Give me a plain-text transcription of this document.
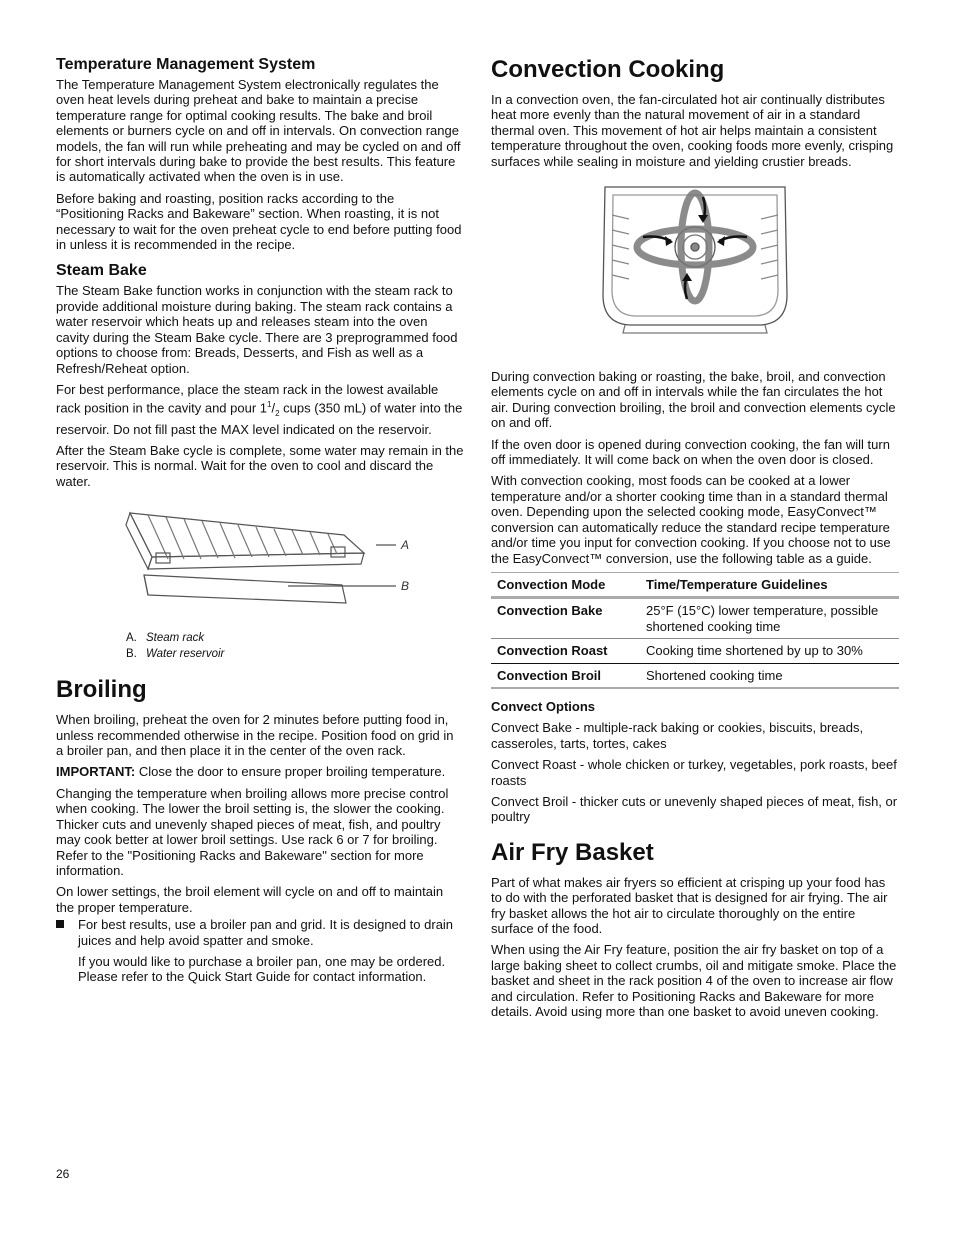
Temperature Management System

The Temperature Management System electronically regulates the oven heat levels during preheat and bake to maintain a precise temperature range for optimal cooking results. The bake and broil elements or burners cycle on and off in intervals. On convection range models, the fan will run while preheating and may be cycled on and off for short intervals during bake to provide the best results. This feature is automatically activated when the oven is in use.

Before baking and roasting, position racks according to the “Positioning Racks and Bakeware” section. When roasting, it is not necessary to wait for the oven preheat cycle to end before putting food in unless it is recommended in the recipe.

Steam Bake

The Steam Bake function works in conjunction with the steam rack to provide additional moisture during baking. The steam rack contains a water reservoir which heats up and releases steam into the oven cavity during the Steam Bake cycle. There are 3 preprogrammed food options to choose from: Breads, Desserts, and Fish as well as a Refresh/Reheat option.

For best performance, place the steam rack in the lowest available rack position in the cavity and pour $1^1/_2$ cups (350 mL) of water into the reservoir. Do not fill past the MAX level indicated on the reservoir.

After the Steam Bake cycle is complete, some water may remain in the reservoir. This is normal. Wait for the oven to cool and discard the water.

A
B
A. Steam rack
B. Water reservoir
Broiling

When broiling, preheat the oven for 2 minutes before putting food in, unless recommended otherwise in the recipe. Position food on grid in a broiler pan, and then place it in the center of the oven rack.

IMPORTANT: Close the door to ensure proper broiling temperature.

Changing the temperature when broiling allows more precise control when cooking. The lower the broil setting is, the slower the cooking. Thicker cuts and unevenly shaped pieces of meat, fish, and poultry may cook better at lower broil settings. Use rack 6 or 7 for broiling. Refer to the "Positioning Racks and Bakeware" section for more information.

On lower settings, the broil element will cycle on and off to maintain the proper temperature.

For best results, use a broiler pan and grid. It is designed to drain juices and help avoid spatter and smoke.

If you would like to purchase a broiler pan, one may be ordered. Please refer to the Quick Start Guide for contact information.

Convection Cooking

In a convection oven, the fan-circulated hot air continually distributes heat more evenly than the natural movement of air in a standard thermal oven. This movement of hot air helps maintain a consistent temperature throughout the oven, cooking foods more evenly, crisping surfaces while sealing in moisture and yielding crustier breads.

During convection baking or roasting, the bake, broil, and convection elements cycle on and off in intervals while the fan circulates the hot air. During convection broiling, the broil and convection elements cycle on and off.

If the oven door is opened during convection cooking, the fan will turn off immediately. It will come back on when the oven door is closed.

With convection cooking, most foods can be cooked at a lower temperature and/or a shorter cooking time than in a standard thermal oven. Depending upon the selected cooking mode, EasyConvect™ conversion can automatically reduce the standard recipe temperature and/or time you input for convection cooking. If you choose not to use the EasyConvect™ conversion, use the following table as a guide.

Convection Mode	Time/Temperature Guidelines
Convection Bake	25°F (15°C) lower temperature, possible shortened cooking time
Convection Roast	Cooking time shortened by up to 30%
Convection Broil	Shortened cooking time

Convect Options

Convect Bake - multiple-rack baking or cookies, biscuits, breads, casseroles, tarts, tortes, cakes

Convect Roast - whole chicken or turkey, vegetables, pork roasts, beef roasts

Convect Broil - thicker cuts or unevenly shaped pieces of meat, fish, or poultry

Air Fry Basket

Part of what makes air fryers so efficient at crisping up your food has to do with the perforated basket that is designed for air frying. The air fry basket allows the hot air to circulate thoroughly on the entire surface of the food.

When using the Air Fry feature, position the air fry basket on top of a large baking sheet to collect crumbs, oil and mitigate smoke. Place the basket and sheet in the rack position 4 of the oven to increase air flow and circulation. Refer to Positioning Racks and Bakeware for more details. Avoid using more than one basket to avoid uneven cooking.

26
